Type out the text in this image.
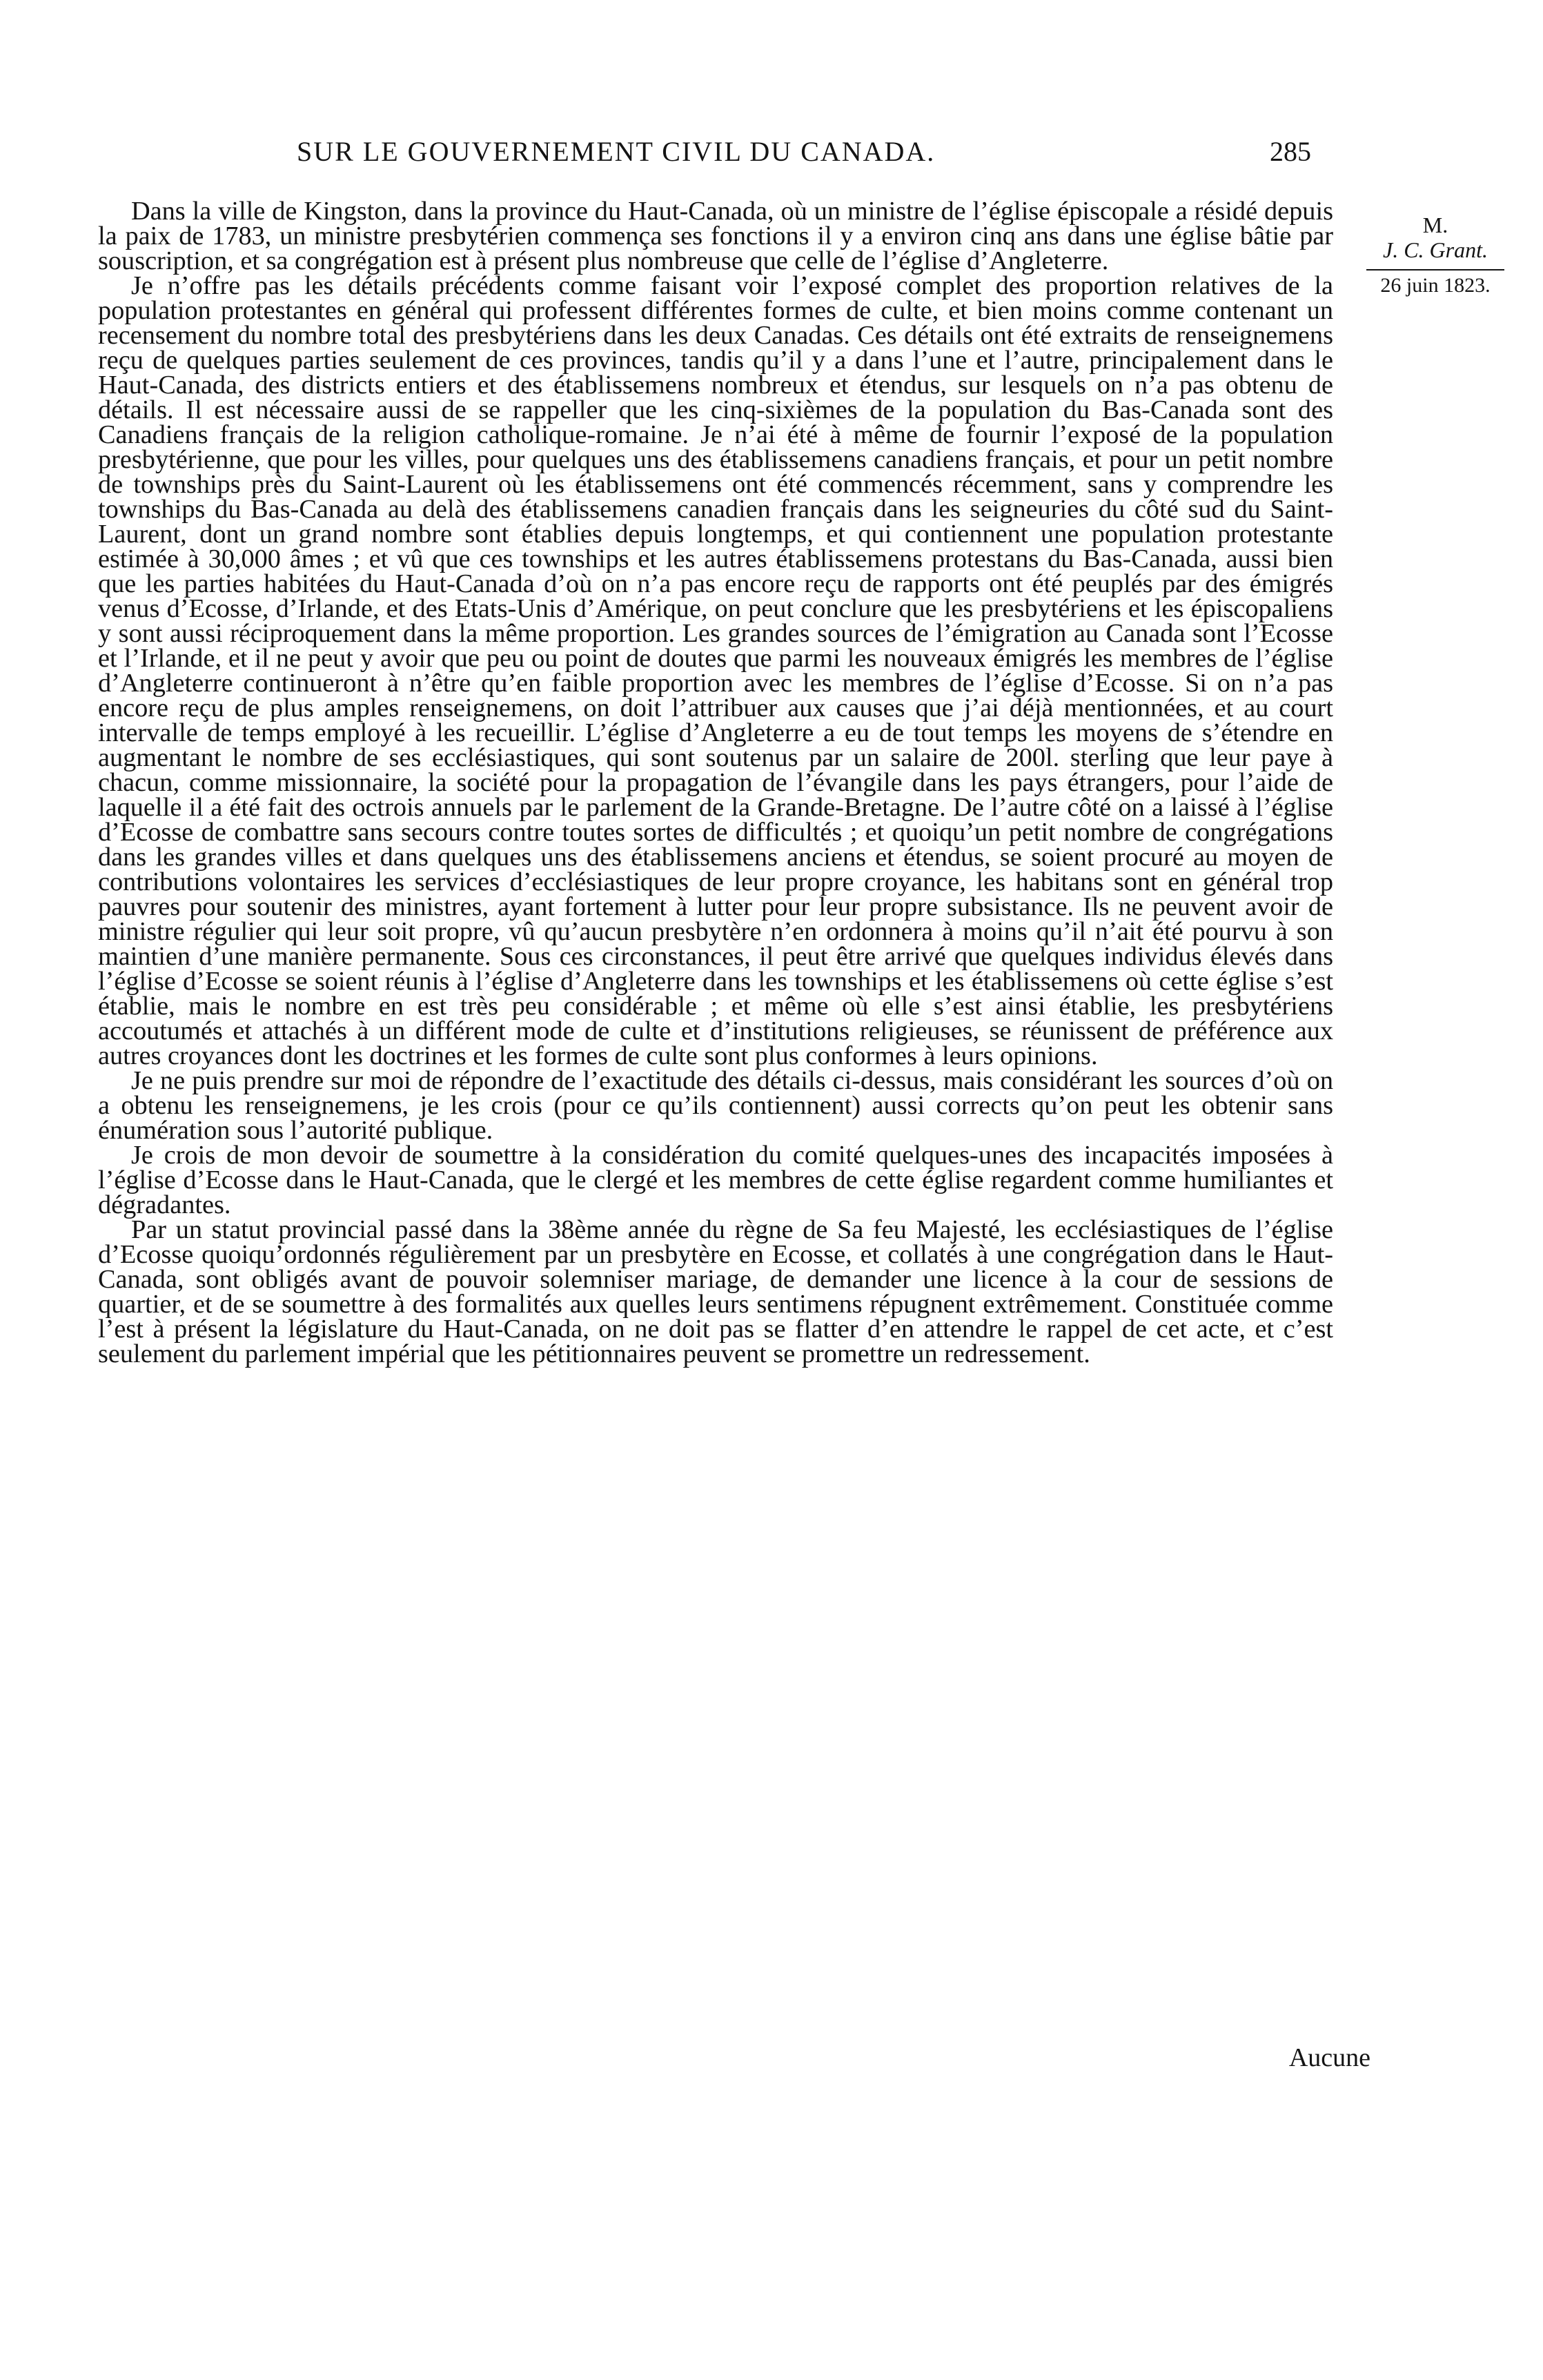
SUR LE GOUVERNEMENT CIVIL DU CANADA.	285
M.
J. C. Grant.
26 juin 1823.

Dans la ville de Kingston, dans la province du Haut-Canada, où un ministre de l’église épiscopale a résidé depuis la paix de 1783, un ministre presbytérien commença ses fonctions il y a environ cinq ans dans une église bâtie par souscription, et sa congrégation est à présent plus nombreuse que celle de l’église d’Angleterre.

Je n’offre pas les détails précédents comme faisant voir l’exposé complet des proportion relatives de la population protestantes en général qui professent différentes formes de culte, et bien moins comme contenant un recensement du nombre total des presbytériens dans les deux Canadas. Ces détails ont été extraits de renseignemens reçu de quelques parties seulement de ces provinces, tandis qu’il y a dans l’une et l’autre, principalement dans le Haut-Canada, des districts entiers et des établissemens nombreux et étendus, sur lesquels on n’a pas obtenu de détails. Il est nécessaire aussi de se rappeller que les cinq-sixièmes de la population du Bas-Canada sont des Canadiens français de la religion catholique-romaine. Je n’ai été à même de fournir l’exposé de la population presbytérienne, que pour les villes, pour quelques uns des établissemens canadiens français, et pour un petit nombre de townships près du Saint-Laurent où les établissemens ont été commencés récemment, sans y comprendre les townships du Bas-Canada au delà des établissemens canadien français dans les seigneuries du côté sud du Saint-Laurent, dont un grand nombre sont établies depuis longtemps, et qui contiennent une population protestante estimée à 30,000 âmes ; et vû que ces townships et les autres établissemens protestans du Bas-Canada, aussi bien que les parties habitées du Haut-Canada d’où on n’a pas encore reçu de rapports ont été peuplés par des émigrés venus d’Ecosse, d’Irlande, et des Etats-Unis d’Amérique, on peut conclure que les presbytériens et les épiscopaliens y sont aussi réciproquement dans la même proportion. Les grandes sources de l’émigration au Canada sont l’Ecosse et l’Irlande, et il ne peut y avoir que peu ou point de doutes que parmi les nouveaux émigrés les membres de l’église d’Angleterre continueront à n’être qu’en faible proportion avec les membres de l’église d’Ecosse. Si on n’a pas encore reçu de plus amples renseignemens, on doit l’attribuer aux causes que j’ai déjà mentionnées, et au court intervalle de temps employé à les recueillir. L’église d’Angleterre a eu de tout temps les moyens de s’étendre en augmentant le nombre de ses ecclésiastiques, qui sont soutenus par un salaire de 200l. sterling que leur paye à chacun, comme missionnaire, la société pour la propagation de l’évangile dans les pays étrangers, pour l’aide de laquelle il a été fait des octrois annuels par le parlement de la Grande-Bretagne. De l’autre côté on a laissé à l’église d’Ecosse de combattre sans secours contre toutes sortes de difficultés ; et quoiqu’un petit nombre de congrégations dans les grandes villes et dans quelques uns des établissemens anciens et étendus, se soient procuré au moyen de contributions volontaires les services d’ecclésiastiques de leur propre croyance, les habitans sont en général trop pauvres pour soutenir des ministres, ayant fortement à lutter pour leur propre subsistance. Ils ne peuvent avoir de ministre régulier qui leur soit propre, vû qu’aucun presbytère n’en ordonnera à moins qu’il n’ait été pourvu à son maintien d’une manière permanente. Sous ces circonstances, il peut être arrivé que quelques individus élevés dans l’église d’Ecosse se soient réunis à l’église d’Angleterre dans les townships et les établissemens où cette église s’est établie, mais le nombre en est très peu considérable ; et même où elle s’est ainsi établie, les presbytériens accoutumés et attachés à un différent mode de culte et d’institutions religieuses, se réunissent de préférence aux autres croyances dont les doctrines et les formes de culte sont plus conformes à leurs opinions.

Je ne puis prendre sur moi de répondre de l’exactitude des détails ci-dessus, mais considérant les sources d’où on a obtenu les renseignemens, je les crois (pour ce qu’ils contiennent) aussi corrects qu’on peut les obtenir sans énumération sous l’autorité publique.

Je crois de mon devoir de soumettre à la considération du comité quelques-unes des incapacités imposées à l’église d’Ecosse dans le Haut-Canada, que le clergé et les membres de cette église regardent comme humiliantes et dégradantes.

Par un statut provincial passé dans la 38ème année du règne de Sa feu Majesté, les ecclésiastiques de l’église d’Ecosse quoiqu’ordonnés régulièrement par un presbytère en Ecosse, et collatés à une congrégation dans le Haut-Canada, sont obligés avant de pouvoir solemniser mariage, de demander une licence à la cour de sessions de quartier, et de se soumettre à des formalités aux quelles leurs sentimens répugnent extrêmement. Constituée comme l’est à présent la législature du Haut-Canada, on ne doit pas se flatter d’en attendre le rappel de cet acte, et c’est seulement du parlement impérial que les pétitionnaires peuvent se promettre un redressement.

Aucune
